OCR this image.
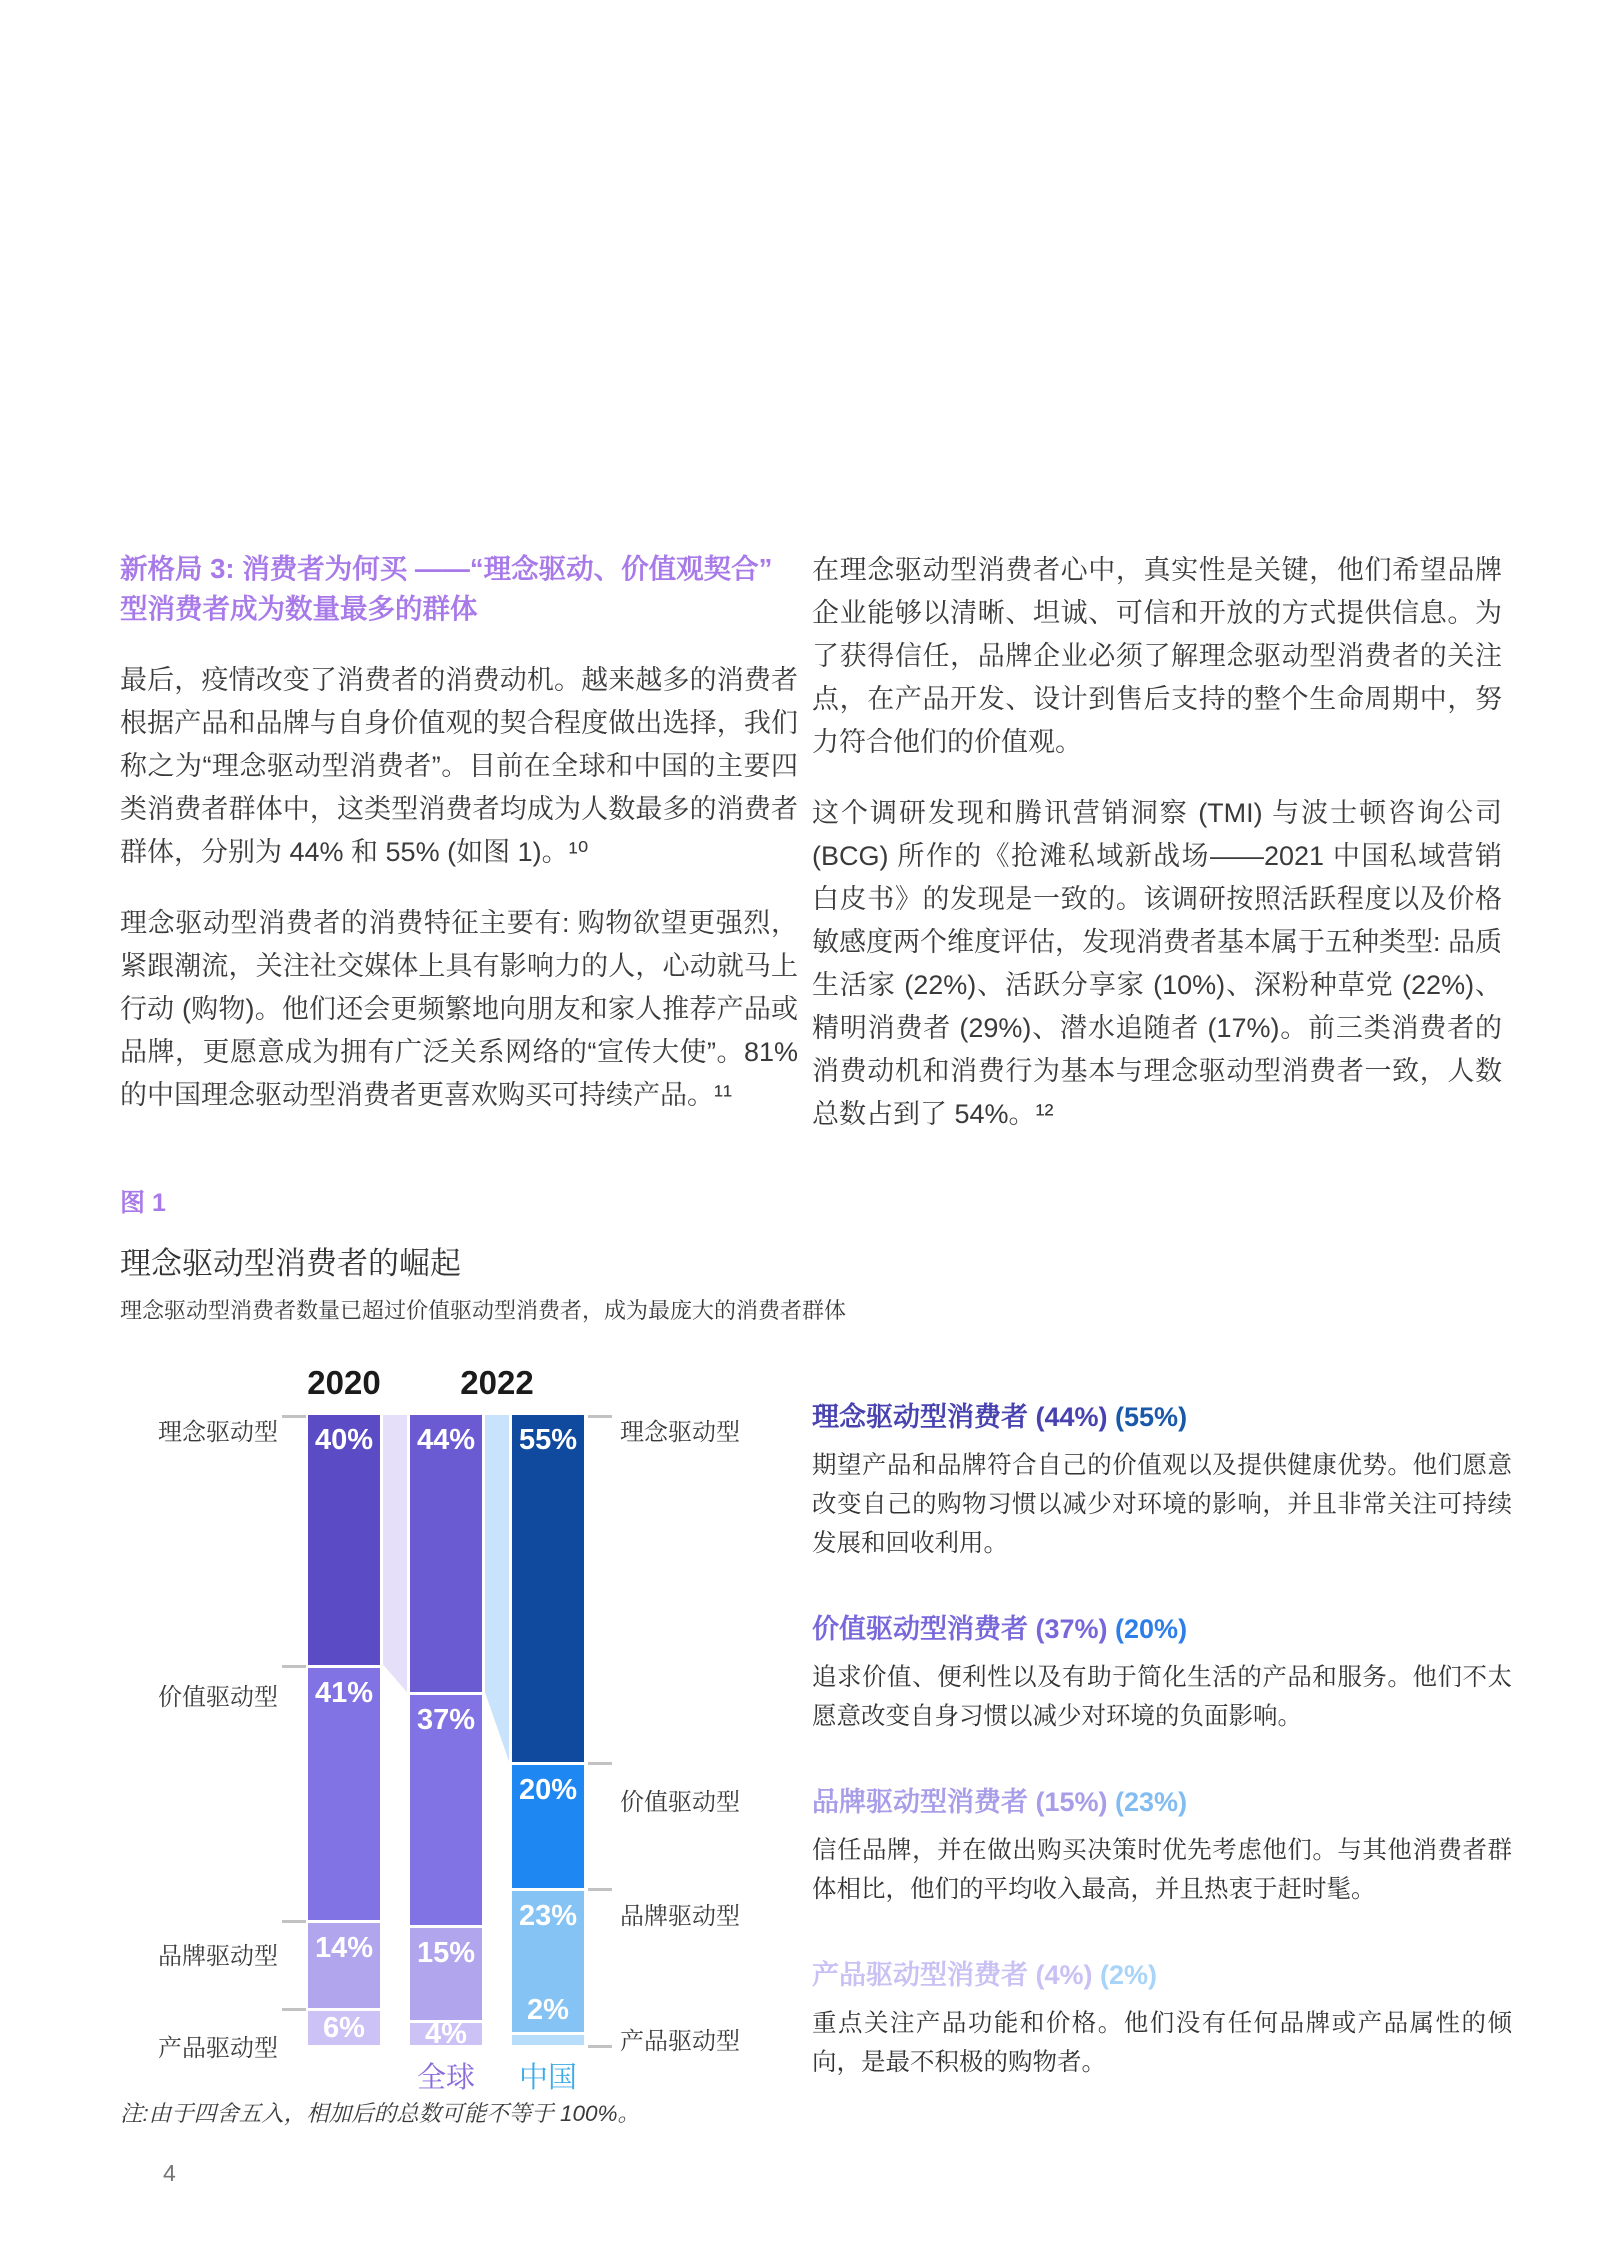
新格局 3: 消费者为何买 ——“理念驱动、价值观契合”型消费者成为数量最多的群体

最后，疫情改变了消费者的消费动机。越来越多的消费者根据产品和品牌与自身价值观的契合程度做出选择，我们称之为“理念驱动型消费者”。目前在全球和中国的主要四类消费者群体中，这类型消费者均成为人数最多的消费者群体，分别为 44% 和 55% (如图 1)。¹⁰

理念驱动型消费者的消费特征主要有: 购物欲望更强烈，紧跟潮流，关注社交媒体上具有影响力的人，心动就马上行动 (购物)。他们还会更频繁地向朋友和家人推荐产品或品牌，更愿意成为拥有广泛关系网络的“宣传大使”。81% 的中国理念驱动型消费者更喜欢购买可持续产品。¹¹

在理念驱动型消费者心中，真实性是关键，他们希望品牌企业能够以清晰、坦诚、可信和开放的方式提供信息。为了获得信任，品牌企业必须了解理念驱动型消费者的关注点，在产品开发、设计到售后支持的整个生命周期中，努力符合他们的价值观。

这个调研发现和腾讯营销洞察 (TMI) 与波士顿咨询公司 (BCG) 所作的《抢滩私域新战场——2021 中国私域营销白皮书》的发现是一致的。该调研按照活跃程度以及价格敏感度两个维度评估，发现消费者基本属于五种类型: 品质生活家 (22%)、活跃分享家 (10%)、深粉种草党 (22%)、精明消费者 (29%)、潜水追随者 (17%)。前三类消费者的消费动机和消费行为基本与理念驱动型消费者一致，人数总数占到了 54%。¹²

图 1
理念驱动型消费者的崛起
理念驱动型消费者数量已超过价值驱动型消费者，成为最庞大的消费者群体
40%
41%
14%
6%
44%
37%
15%
4%
55%
20%
23%
2%
理念驱动型
价值驱动型
品牌驱动型
产品驱动型
理念驱动型
价值驱动型
品牌驱动型
产品驱动型
2020 2022
全球 中国
理念驱动型消费者 (44%) (55%)

期望产品和品牌符合自己的价值观以及提供健康优势。他们愿意改变自己的购物习惯以减少对环境的影响，并且非常关注可持续发展和回收利用。

价值驱动型消费者 (37%) (20%)

追求价值、便利性以及有助于简化生活的产品和服务。他们不太愿意改变自身习惯以减少对环境的负面影响。

品牌驱动型消费者 (15%) (23%)

信任品牌，并在做出购买决策时优先考虑他们。与其他消费者群体相比，他们的平均收入最高，并且热衷于赶时髦。

产品驱动型消费者 (4%) (2%)

重点关注产品功能和价格。他们没有任何品牌或产品属性的倾向，是最不积极的购物者。

注:由于四舍五入，相加后的总数可能不等于 100%。
4
